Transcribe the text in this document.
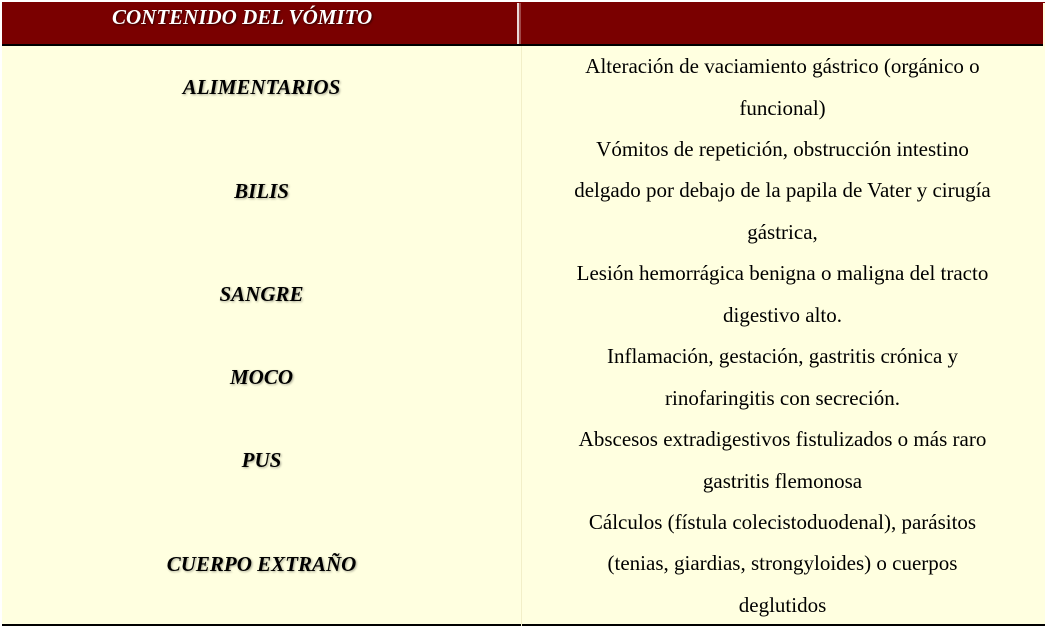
CONTENIDO DEL VÓMITO
ALIMENTARIOS
Alteración de vaciamiento gástrico (orgánico o
funcional)
BILIS
Vómitos de repetición, obstrucción intestino
delgado por debajo de la papila de Vater y cirugía
gástrica,
SANGRE
Lesión hemorrágica benigna o maligna del tracto
digestivo alto.
MOCO
Inflamación, gestación, gastritis crónica y
rinofaringitis con secreción.
PUS
Abscesos extradigestivos fistulizados o más raro
gastritis flemonosa
CUERPO EXTRAÑO
Cálculos (fístula colecistoduodenal), parásitos
(tenias, giardias, strongyloides) o cuerpos
deglutidos
